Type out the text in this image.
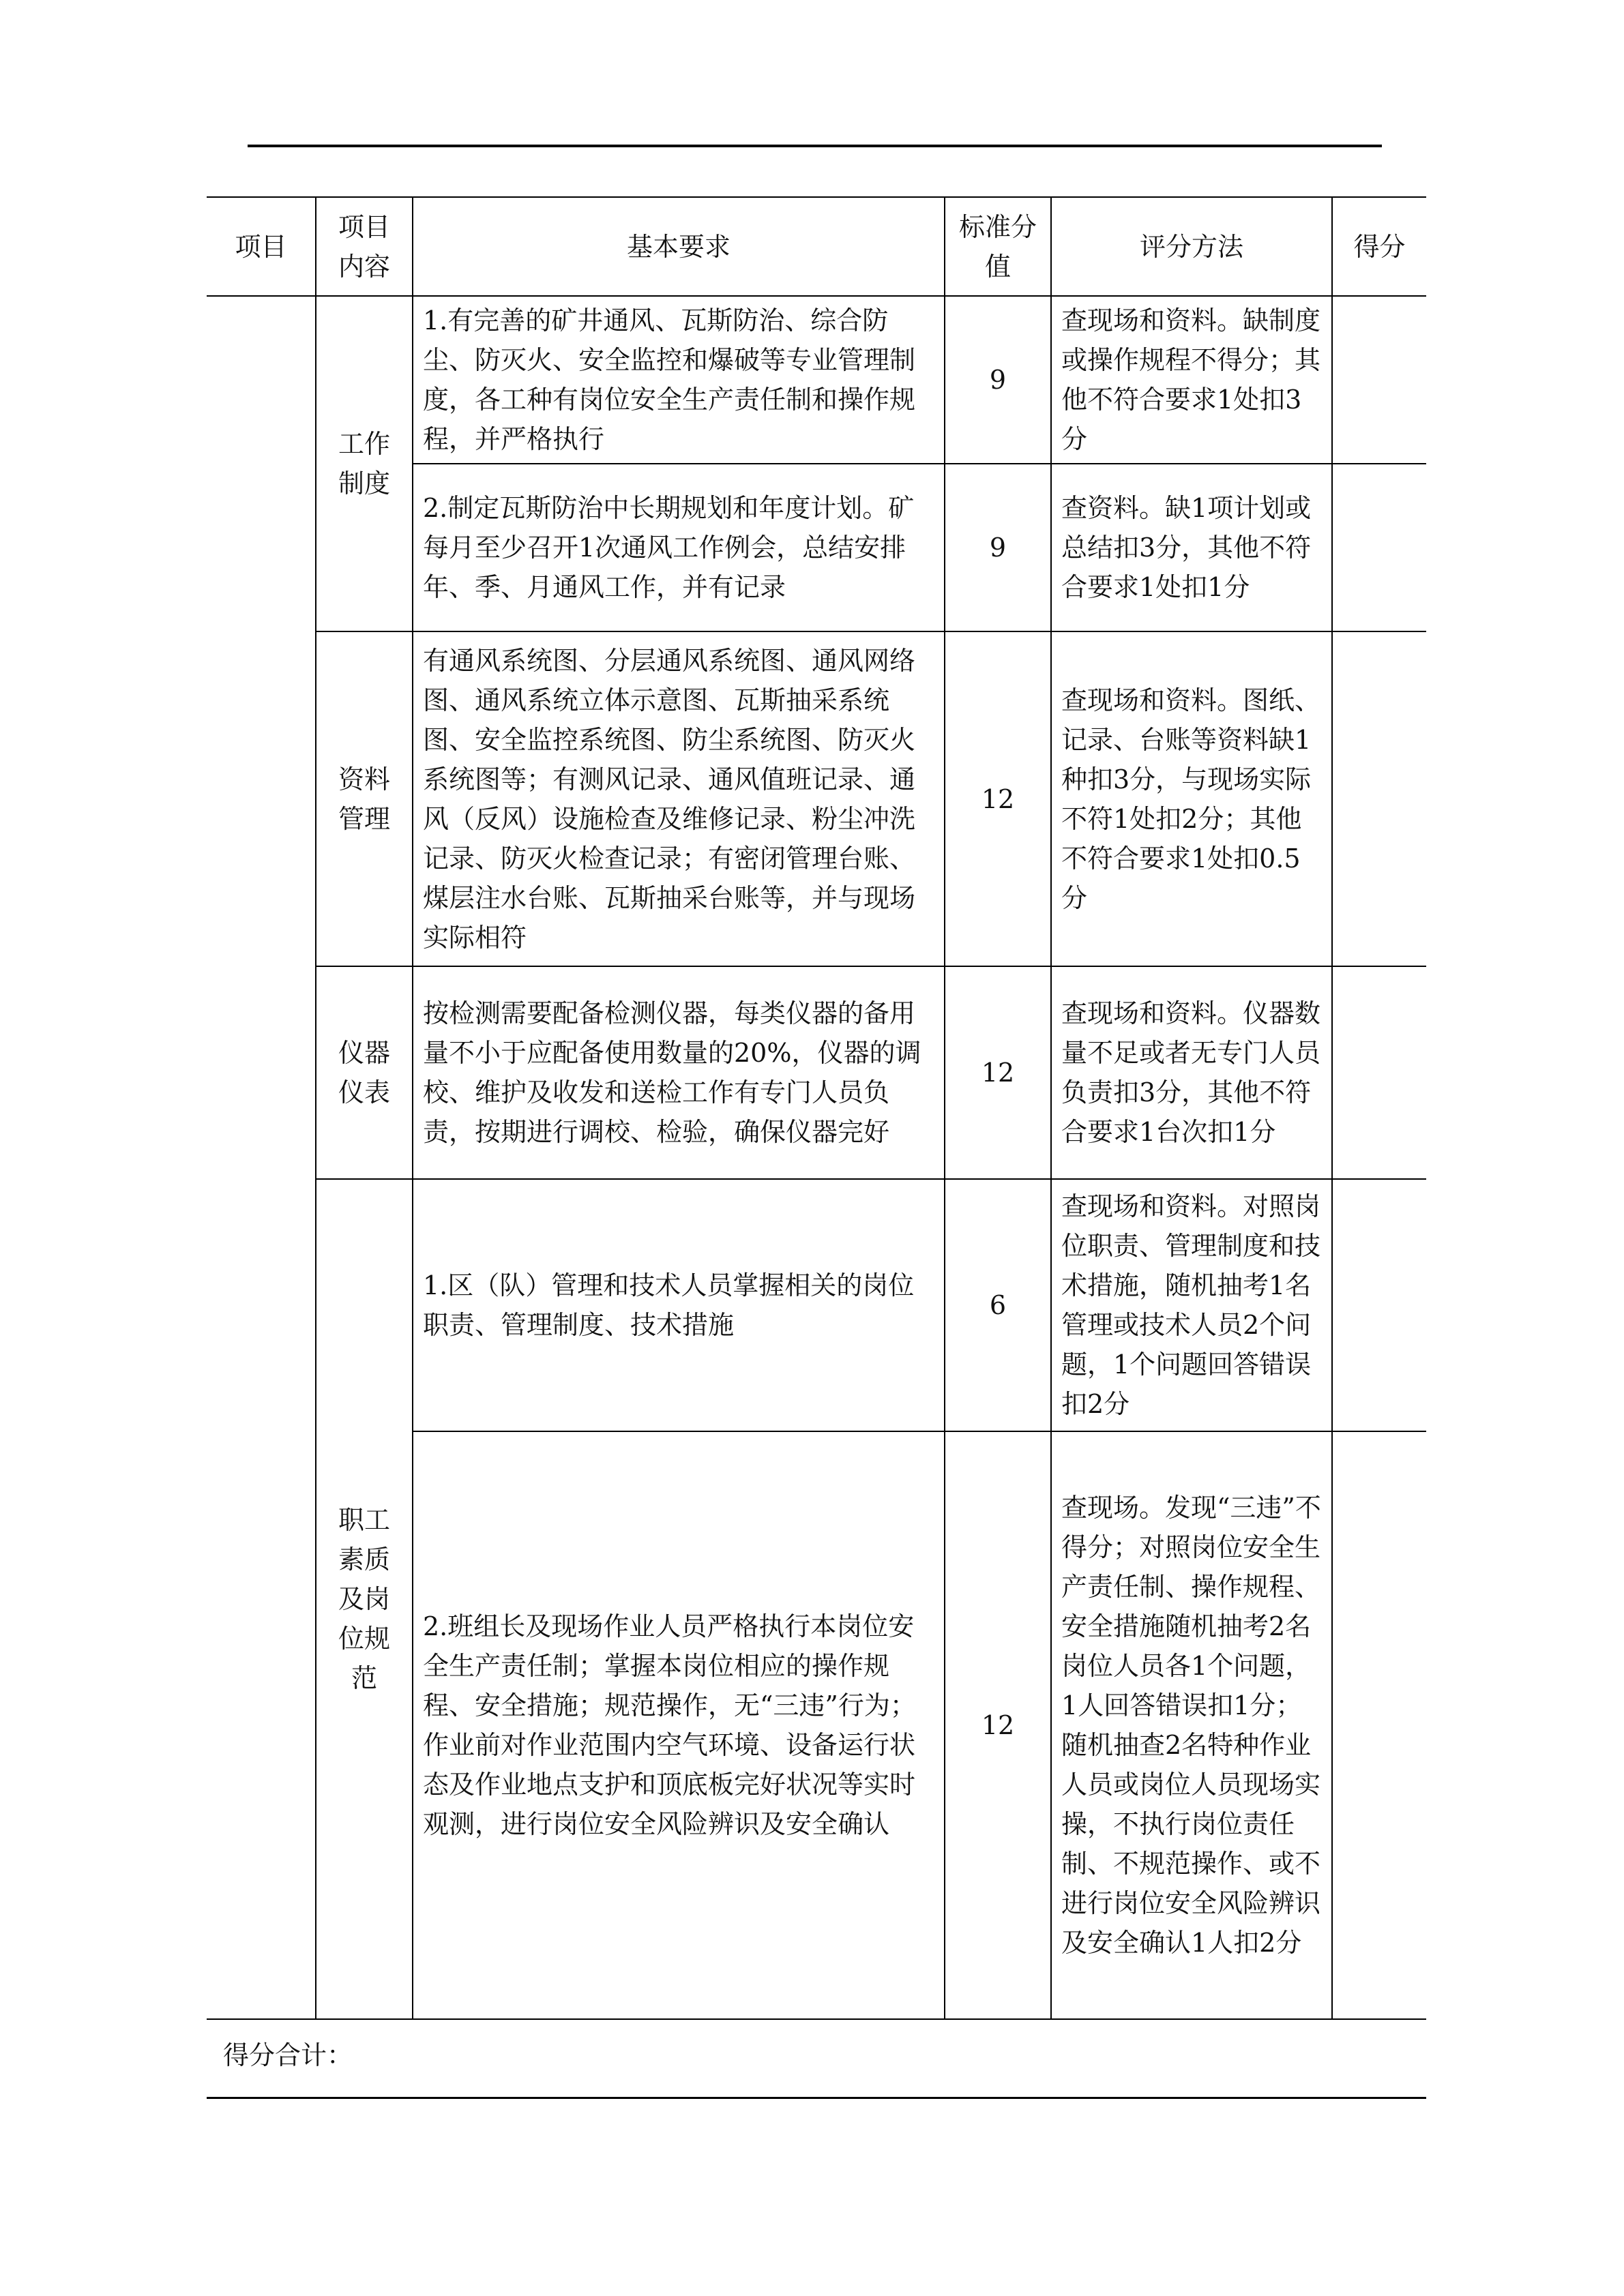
项目	项目内容	基本要求	标准分值	评分方法	得分
	工作制度	1.有完善的矿井通风、瓦斯防治、综合防尘、防灭火、安全监控和爆破等专业管理制度，各工种有岗位安全生产责任制和操作规程，并严格执行	9	查现场和资料。缺制度或操作规程不得分；其他不符合要求1处扣3分	
		2.制定瓦斯防治中长期规划和年度计划。矿每月至少召开1次通风工作例会，总结安排年、季、月通风工作，并有记录	9	查资料。缺1项计划或总结扣3分，其他不符合要求1处扣1分	
	资料管理	有通风系统图、分层通风系统图、通风网络图、通风系统立体示意图、瓦斯抽采系统图、安全监控系统图、防尘系统图、防灭火系统图等；有测风记录、通风值班记录、通风（反风）设施检查及维修记录、粉尘冲洗记录、防灭火检查记录；有密闭管理台账、煤层注水台账、瓦斯抽采台账等，并与现场实际相符	12	查现场和资料。图纸、记录、台账等资料缺1种扣3分，与现场实际不符1处扣2分；其他不符合要求1处扣0.5分	
	仪器仪表	按检测需要配备检测仪器，每类仪器的备用量不小于应配备使用数量的20%，仪器的调校、维护及收发和送检工作有专门人员负责，按期进行调校、检验，确保仪器完好	12	查现场和资料。仪器数量不足或者无专门人员负责扣3分，其他不符合要求1台次扣1分	
	职工素质及岗位规范	1.区（队）管理和技术人员掌握相关的岗位职责、管理制度、技术措施	6	查现场和资料。对照岗位职责、管理制度和技术措施，随机抽考1名管理或技术人员2个问题，1个问题回答错误扣2分	
		2.班组长及现场作业人员严格执行本岗位安全生产责任制；掌握本岗位相应的操作规程、安全措施；规范操作，无“三违”行为；作业前对作业范围内空气环境、设备运行状态及作业地点支护和顶底板完好状况等实时观测，进行岗位安全风险辨识及安全确认	12	查现场。发现“三违”不得分；对照岗位安全生产责任制、操作规程、安全措施随机抽考2名岗位人员各1个问题，1人回答错误扣1分；随机抽查2名特种作业人员或岗位人员现场实操，不执行岗位责任制、不规范操作、或不进行岗位安全风险辨识及安全确认1人扣2分	
得分合计：
